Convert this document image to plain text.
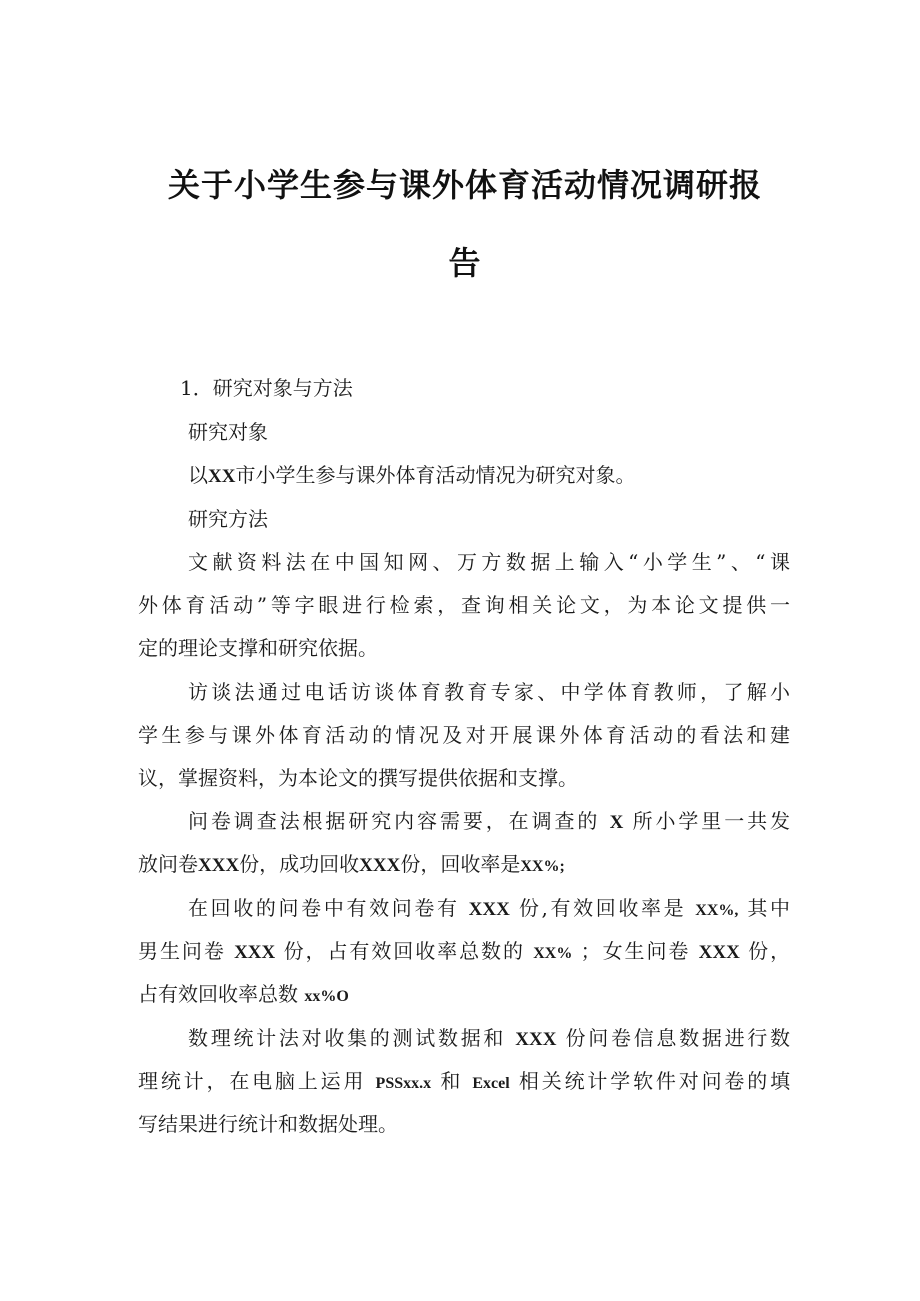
关于小学生参与课外体育活动情况调研报
告
1．研究对象与方法
研究对象
以XX市小学生参与课外体育活动情况为研究对象。
研究方法
文献资料法在中国知网、万方数据上输入“小学生”、“课
外体育活动”等字眼进行检索，查询相关论文，为本论文提供一
定的理论支撑和研究依据。
访谈法通过电话访谈体育教育专家、中学体育教师，了解小
学生参与课外体育活动的情况及对开展课外体育活动的看法和建
议，掌握资料，为本论文的撰写提供依据和支撑。
问卷调查法根据研究内容需要，在调查的 X 所小学里一共发
放问卷XXX份，成功回收XXX份，回收率是XX%;
在回收的问卷中有效问卷有 XXX 份,有效回收率是 XX%, 其中
男生问卷 XXX 份，占有效回收率总数的 XX% ；女生问卷 XXX 份，
占有效回收率总数 xx%O
数理统计法对收集的测试数据和 XXX 份问卷信息数据进行数
理统计，在电脑上运用 PSSxx.x 和 Excel 相关统计学软件对问卷的填
写结果进行统计和数据处理。
